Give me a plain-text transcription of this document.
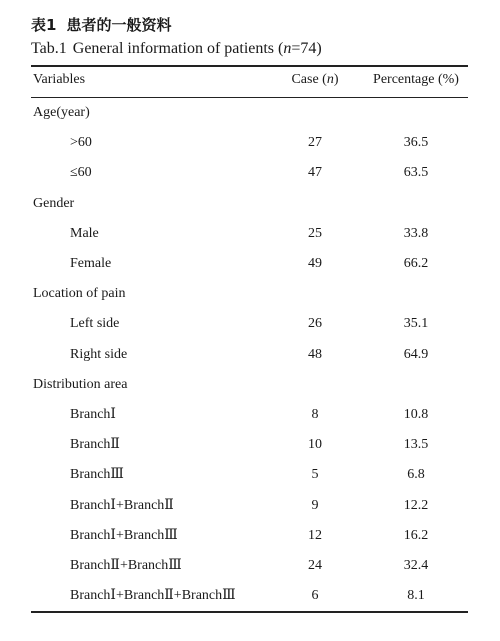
表1 患者的一般资料
Tab.1 General information of patients (n=74)
Variables	Case (n)	Percentage (%)
Age(year)
>60	27	36.5
≤60	47	63.5
Gender
Male	25	33.8
Female	49	66.2
Location of pain
Left side	26	35.1
Right side	48	64.9
Distribution area
BranchⅠ	8	10.8
BranchⅡ	10	13.5
BranchⅢ	5	6.8
BranchⅠ+BranchⅡ	9	12.2
BranchⅠ+BranchⅢ	12	16.2
BranchⅡ+BranchⅢ	24	32.4
BranchⅠ+BranchⅡ+BranchⅢ	6	8.1
